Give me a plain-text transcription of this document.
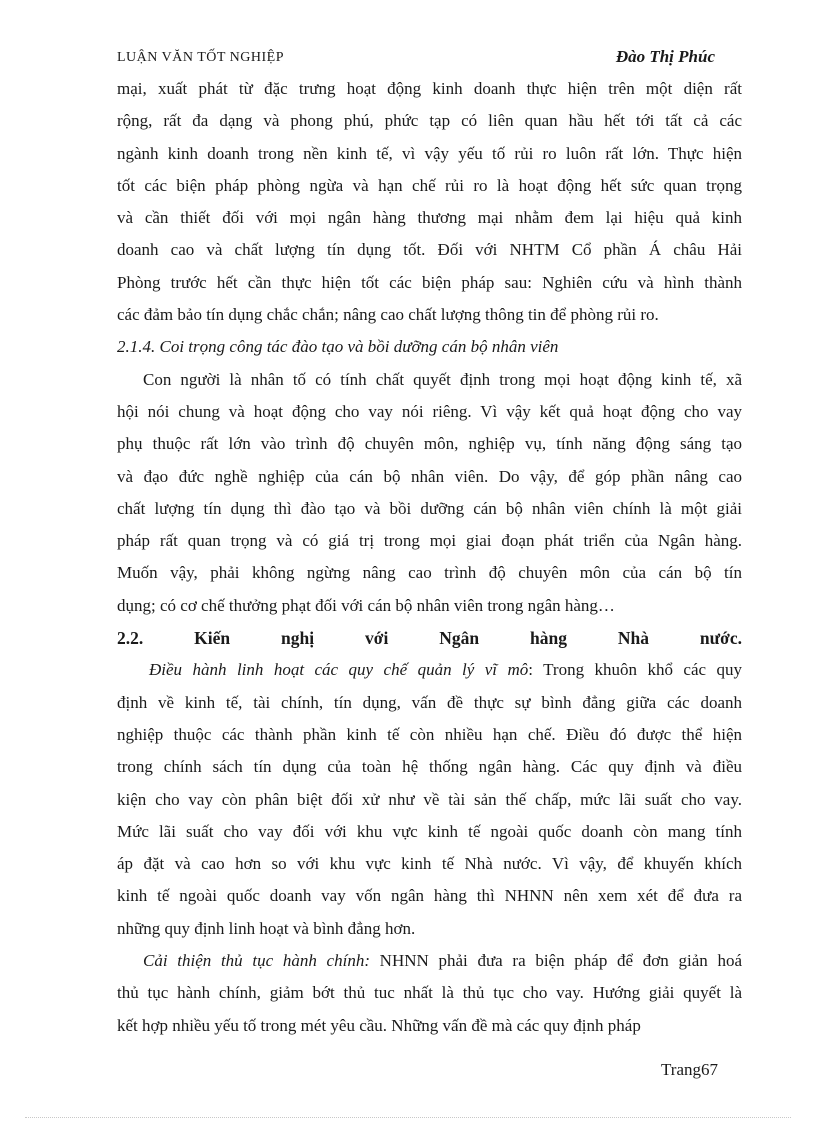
LUẬN VĂN TỐT NGHIỆP	Đào Thị Phúc
mại, xuất phát từ đặc trưng hoạt động kinh doanh thực hiện trên một diện rất
rộng, rất đa dạng và phong phú, phức tạp có liên quan hầu hết tới tất cả các
ngành kinh doanh trong nền kinh tế, vì vậy yếu tố rủi ro luôn rất lớn. Thực hiện
tốt các biện pháp phòng ngừa và hạn chế rủi ro là hoạt động hết sức quan trọng
và cần thiết đối với mọi ngân hàng thương mại nhằm đem lại hiệu quả kinh
doanh cao và chất lượng tín dụng tốt. Đối với NHTM Cổ phần Á châu Hải
Phòng trước hết cần thực hiện tốt các biện pháp sau: Nghiên cứu và hình thành
các đảm bảo tín dụng chắc chắn; nâng cao chất lượng thông tin để phòng rủi ro.
2.1.4. Coi trọng công tác đào tạo và bồi dưỡng cán bộ nhân viên
Con người là nhân tố có tính chất quyết định trong mọi hoạt động kinh tế, xã
hội nói chung và hoạt động cho vay nói riêng. Vì vậy kết quả hoạt động cho vay
phụ thuộc rất lớn vào trình độ chuyên môn, nghiệp vụ, tính năng động sáng tạo
và đạo đức nghề nghiệp của cán bộ nhân viên. Do vậy, để góp phần nâng cao
chất lượng tín dụng thì đào tạo và bồi dưỡng cán bộ nhân viên chính là một giải
pháp rất quan trọng và có giá trị trong mọi giai đoạn phát triển của Ngân hàng.
Muốn vậy, phải không ngừng nâng cao trình độ chuyên môn của cán bộ tín
dụng; có cơ chế thưởng phạt đối với cán bộ nhân viên trong ngân hàng…
2.2. Kiến nghị với Ngân hàng Nhà nước.
Điều hành linh hoạt các quy chế quản lý vĩ mô: Trong khuôn khổ các quy
định về kinh tế, tài chính, tín dụng, vấn đề thực sự bình đẳng giữa các doanh
nghiệp thuộc các thành phần kinh tế còn nhiều hạn chế. Điều đó được thể hiện
trong chính sách tín dụng của toàn hệ thống ngân hàng. Các quy định và điều
kiện cho vay còn phân biệt đối xử như về tài sản thế chấp, mức lãi suất cho vay.
Mức lãi suất cho vay đối với khu vực kinh tế ngoài quốc doanh còn mang tính
áp đặt và cao hơn so với khu vực kinh tế Nhà nước. Vì vậy, để khuyến khích
kinh tế ngoài quốc doanh vay vốn ngân hàng thì NHNN nên xem xét để đưa ra
những quy định linh hoạt và bình đẳng hơn.
Cải thiện thủ tục hành chính: NHNN phải đưa ra biện pháp để đơn giản hoá
thủ tục hành chính, giảm bớt thủ tuc nhất là thủ tục cho vay. Hướng giải quyết là
kết hợp nhiều yếu tố trong mét yêu cầu. Những vấn đề mà các quy định pháp
Trang67
